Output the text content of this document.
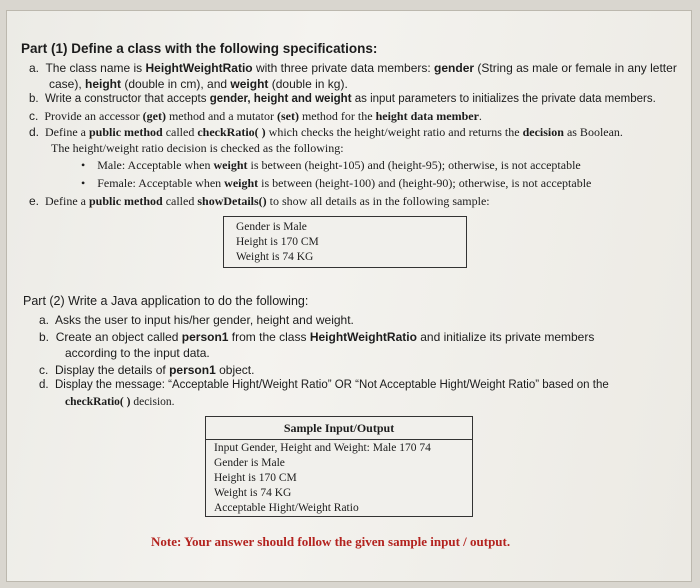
Part (1) Define a class with the following specifications:
a. The class name is HeightWeightRatio with three private data members: gender (String as male or female in any letter
case), height (double in cm), and weight (double in kg).
b. Write a constructor that accepts gender, height and weight as input parameters to initializes the private data members.
c. Provide an accessor (get) method and a mutator (set) method for the height data member.
d. Define a public method called checkRatio( ) which checks the height/weight ratio and returns the decision as Boolean.
The height/weight ratio decision is checked as the following:
• Male: Acceptable when weight is between (height-105) and (height-95); otherwise, is not acceptable
• Female: Acceptable when weight is between (height-100) and (height-90); otherwise, is not acceptable
e. Define a public method called showDetails() to show all details as in the following sample:
Gender is Male
Height is 170 CM
Weight is 74 KG
Part (2) Write a Java application to do the following:
a. Asks the user to input his/her gender, height and weight.
b. Create an object called person1 from the class HeightWeightRatio and initialize its private members
according to the input data.
c. Display the details of person1 object.
d. Display the message: “Acceptable Hight/Weight Ratio” OR “Not Acceptable Hight/Weight Ratio” based on the
checkRatio( ) decision.
Sample Input/Output
Input Gender, Height and Weight: Male 170 74
Gender is Male
Height is 170 CM
Weight is 74 KG
Acceptable Hight/Weight Ratio
Note: Your answer should follow the given sample input / output.
